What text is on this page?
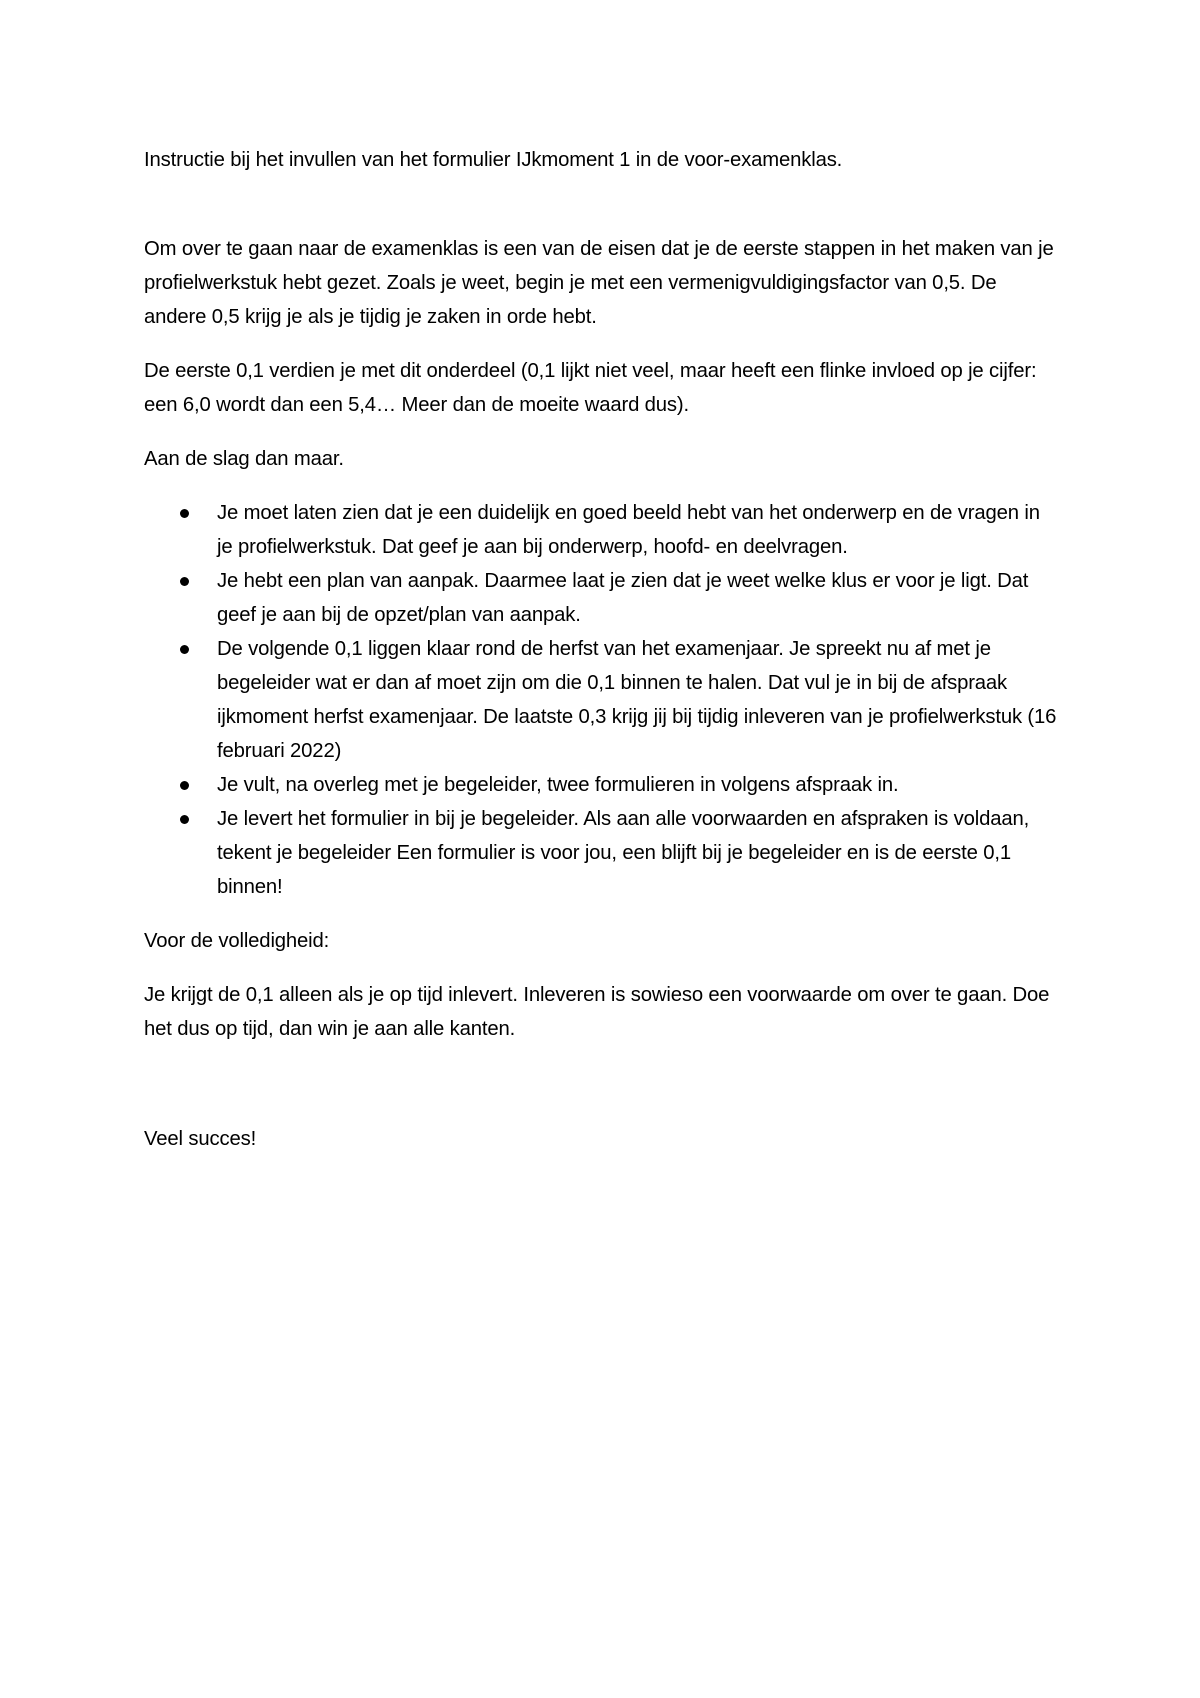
Instructie bij het invullen van het formulier IJkmoment 1 in de voor-examenklas.

Om over te gaan naar de examenklas is een van de eisen dat je de eerste stappen in het maken van je profielwerkstuk hebt gezet. Zoals je weet, begin je met een vermenigvuldigingsfactor van 0,5. De andere 0,5 krijg je als je tijdig je zaken in orde hebt.

De eerste 0,1 verdien je met dit onderdeel (0,1 lijkt niet veel, maar heeft een flinke invloed op je cijfer: een 6,0 wordt dan een 5,4… Meer dan de moeite waard dus).

Aan de slag dan maar.

Je moet laten zien dat je een duidelijk en goed beeld hebt van het onderwerp en de vragen in je profielwerkstuk. Dat geef je aan bij onderwerp, hoofd- en deelvragen.
Je hebt een plan van aanpak. Daarmee laat je zien dat je weet welke klus er voor je ligt. Dat geef je aan bij de opzet/plan van aanpak.
De volgende 0,1 liggen klaar rond de herfst van het examenjaar. Je spreekt nu af met je begeleider wat er dan af moet zijn om die 0,1 binnen te halen. Dat vul je in bij de afspraak ijkmoment herfst examenjaar. De laatste 0,3 krijg jij bij tijdig inleveren van je profielwerkstuk (16 februari 2022)
Je vult, na overleg met je begeleider, twee formulieren in volgens afspraak in.
Je levert het formulier in bij je begeleider. Als aan alle voorwaarden en afspraken is voldaan, tekent je begeleider Een formulier is voor jou, een blijft bij je begeleider en is de eerste 0,1 binnen!

Voor de volledigheid:

Je krijgt de 0,1 alleen als je op tijd inlevert. Inleveren is sowieso een voorwaarde om over te gaan. Doe het dus op tijd, dan win je aan alle kanten.

Veel succes!
